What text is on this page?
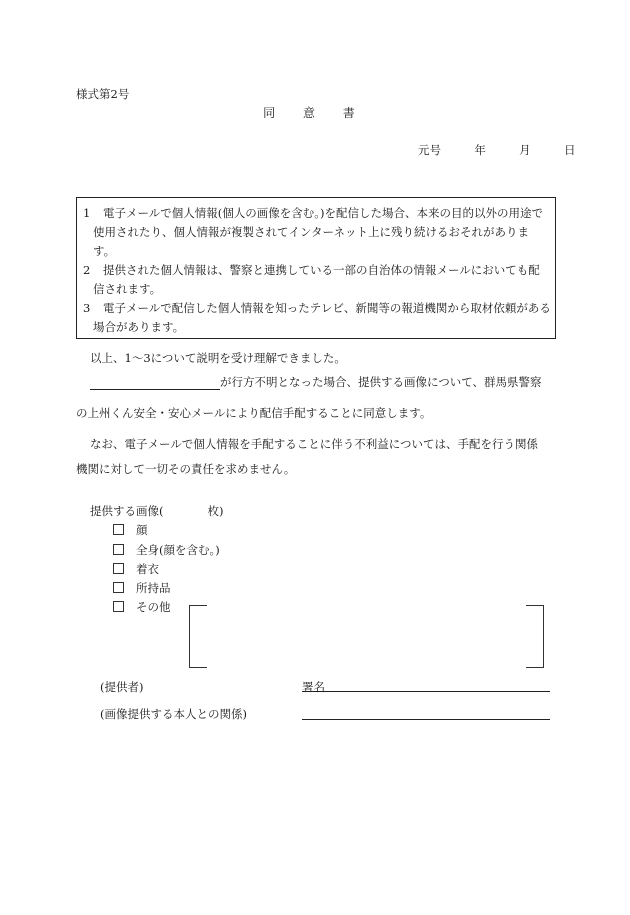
様式第2号
同 意 書
元号	年	月	日
1	電子メールで個人情報(個人の画像を含む。)を配信した場合、本来の目的以外の用途で使用されたり、個人情報が複製されてインターネット上に残り続けるおそれがあります。
2	提供された個人情報は、警察と連携している一部の自治体の情報メールにおいても配信されます。
3	電子メールで配信した個人情報を知ったテレビ、新聞等の報道機関から取材依頼がある場合があります。
以上、1〜3について説明を受け理解できました。
が行方不明となった場合、提供する画像について、群馬県警察
の上州くん安全・安心メールにより配信手配することに同意します。
なお、電子メールで個人情報を手配することに伴う不利益については、手配を行う関係
機関に対して一切その責任を求めません。
提供する画像(	枚)
顔
全身(顔を含む。)
着衣
所持品
その他
(提供者)	署名
(画像提供する本人との関係)
